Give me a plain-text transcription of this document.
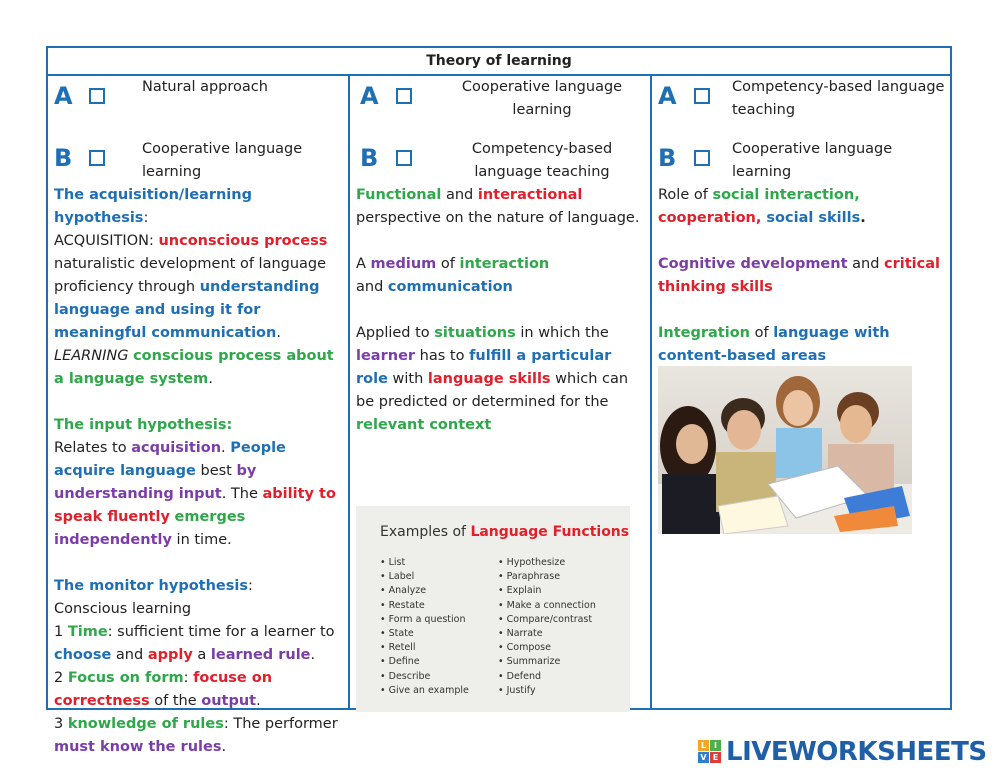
Theory of learning
A	Natural approach
B	Cooperative language learning

The acquisition/learning hypothesis:
ACQUISITION: unconscious process naturalistic development of language proficiency through understanding language and using it for meaningful communication.
LEARNING conscious process about a language system.

The input hypothesis:
Relates to acquisition. People acquire language best by understanding input. The ability to speak fluently emerges independently in time.

The monitor hypothesis:
Conscious learning
1 Time: sufficient time for a learner to choose and apply a learned rule.
2 Focus on form: focuse on correctness of the output.
3 knowledge of rules: The performer must know the rules.

A	Cooperative language learning
B	Competency-based language teaching

Functional and interactional perspective on the nature of language.

A medium of interaction
and communication

Applied to situations in which the learner has to fulfill a particular role with language skills which can be predicted or determined for the relevant context

Examples of Language Functions
• List
• Label
• Analyze
• Restate
• Form a question
• State
• Retell
• Define
• Describe
• Give an example
• Hypothesize
• Paraphrase
• Explain
• Make a connection
• Compare/contrast
• Narrate
• Compose
• Summarize
• Defend
• Justify
A	Competency-based language teaching
B	Cooperative language learning

Role of social interaction,
cooperation, social skills.

Cognitive development and critical thinking skills

Integration of language with content-based areas

L I
V E LIVEWORKSHEETS
